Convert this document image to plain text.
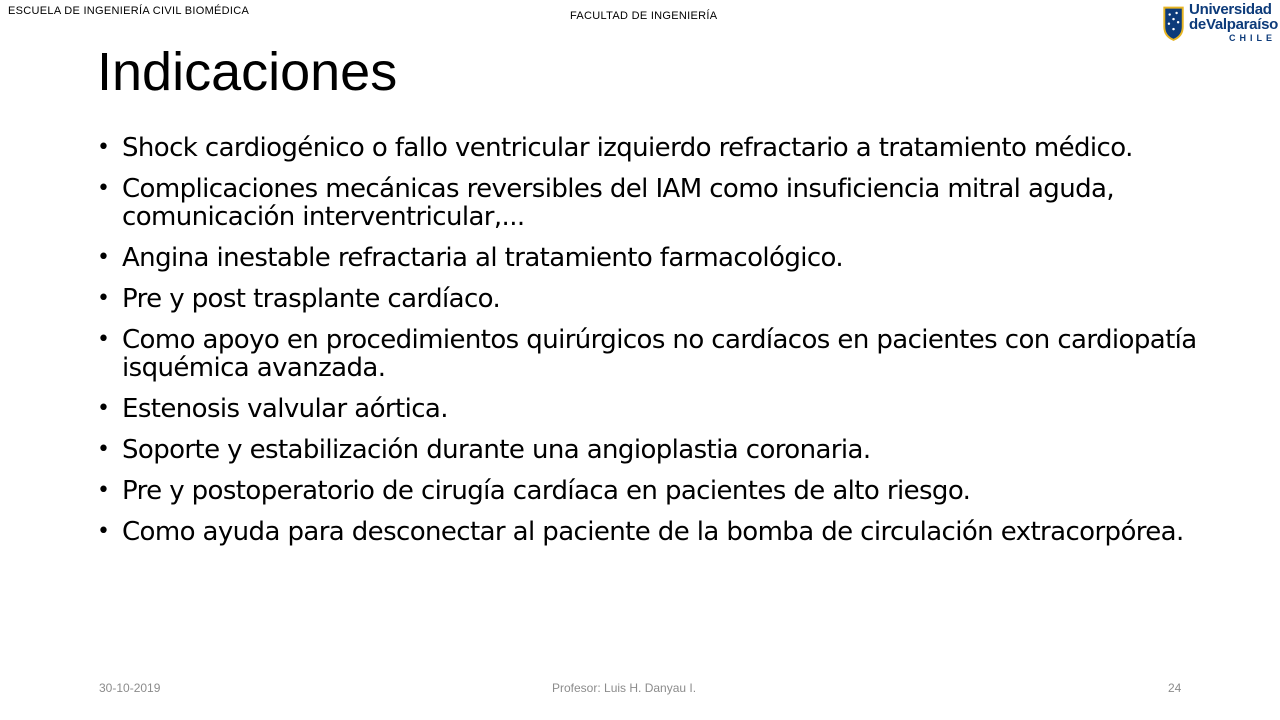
ESCUELA DE INGENIERÍA CIVIL BIOMÉDICA	FACULTAD DE INGENIERÍA	Universidad
deValparaíso
CHILE
Indicaciones
• Shock cardiogénico o fallo ventricular izquierdo refractario a tratamiento médico.
• Complicaciones mecánicas reversibles del IAM como insuficiencia mitral aguda, comunicación interventricular,...
• Angina inestable refractaria al tratamiento farmacológico.
• Pre y post trasplante cardíaco.
• Como apoyo en procedimientos quirúrgicos no cardíacos en pacientes con cardiopatía isquémica avanzada.
• Estenosis valvular aórtica.
• Soporte y estabilización durante una angioplastia coronaria.
• Pre y postoperatorio de cirugía cardíaca en pacientes de alto riesgo.
• Como ayuda para desconectar al paciente de la bomba de circulación extracorpórea.
30-10-2019	Profesor: Luis H. Danyau I.	24
